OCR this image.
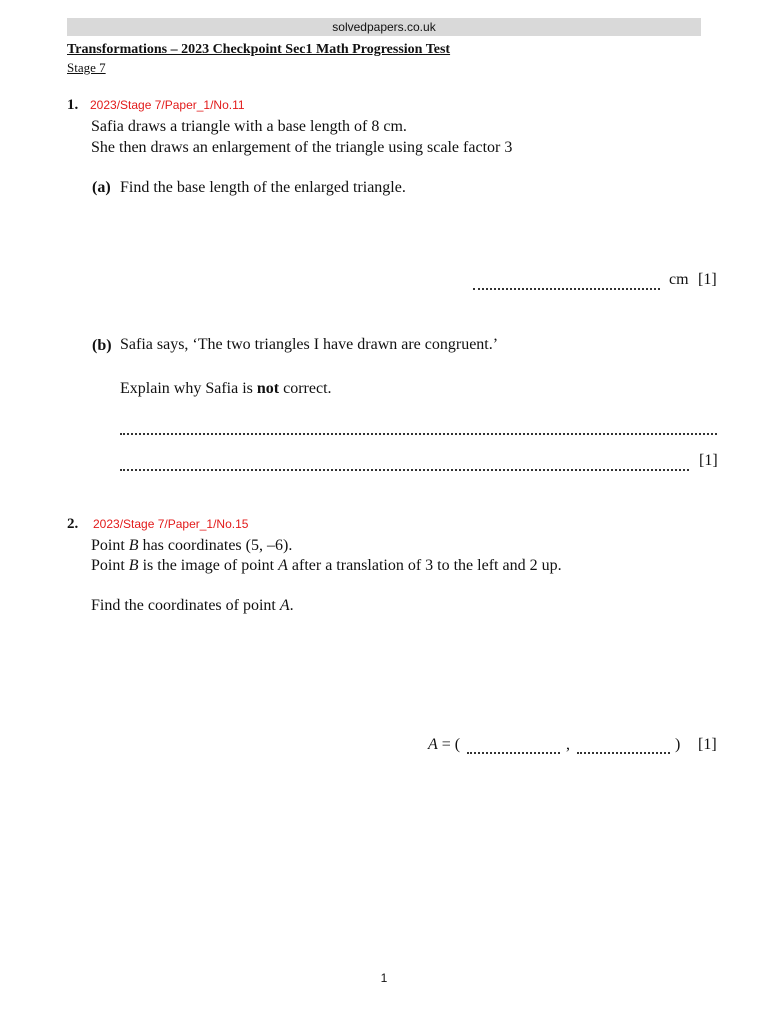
solvedpapers.co.uk
Transformations – 2023 Checkpoint Sec1 Math Progression Test
Stage 7
1. 2023/Stage 7/Paper_1/No.11
Safia draws a triangle with a base length of 8 cm.
She then draws an enlargement of the triangle using scale factor 3
(a) Find the base length of the enlarged triangle.
cm [1]
(b) Safia says, ‘The two triangles I have drawn are congruent.’
Explain why Safia is not correct.
[1]
2. 2023/Stage 7/Paper_1/No.15
Point B has coordinates (5, –6).
Point B is the image of point A after a translation of 3 to the left and 2 up.
Find the coordinates of point A.
A = (	,	) [1]
1
